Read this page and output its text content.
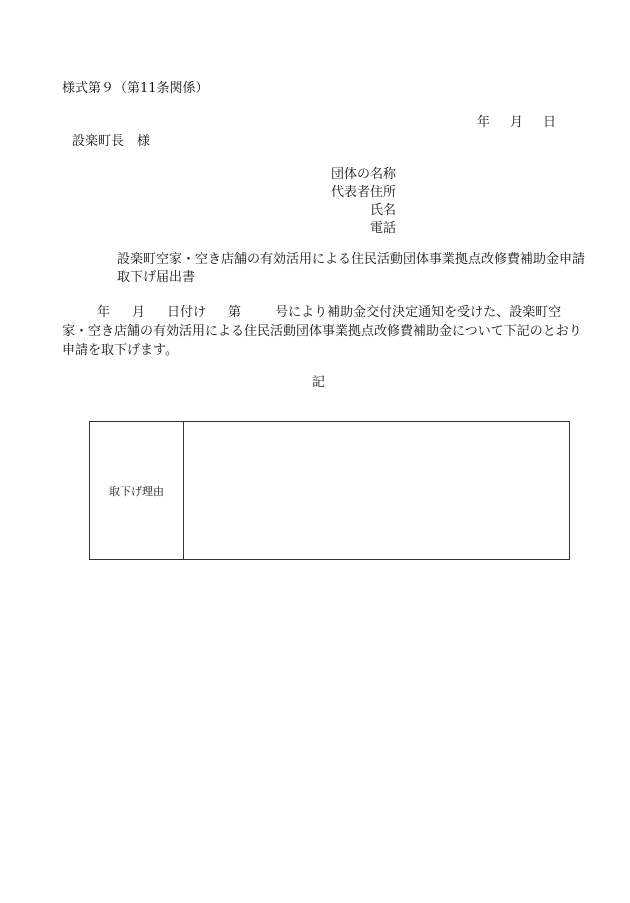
様式第９（第11条関係）
年 月 日
設楽町長　様
団体の名称
代表者住所
氏名
電話
設楽町空家・空き店舗の有効活用による住民活動団体事業拠点改修費補助金申請取下げ届出書
年 月 日付け 第	号により補助金交付決定通知を受けた、設楽町空家・空き店舗の有効活用による住民活動団体事業拠点改修費補助金について下記のとおり申請を取下げます。
記
取下げ理由	
